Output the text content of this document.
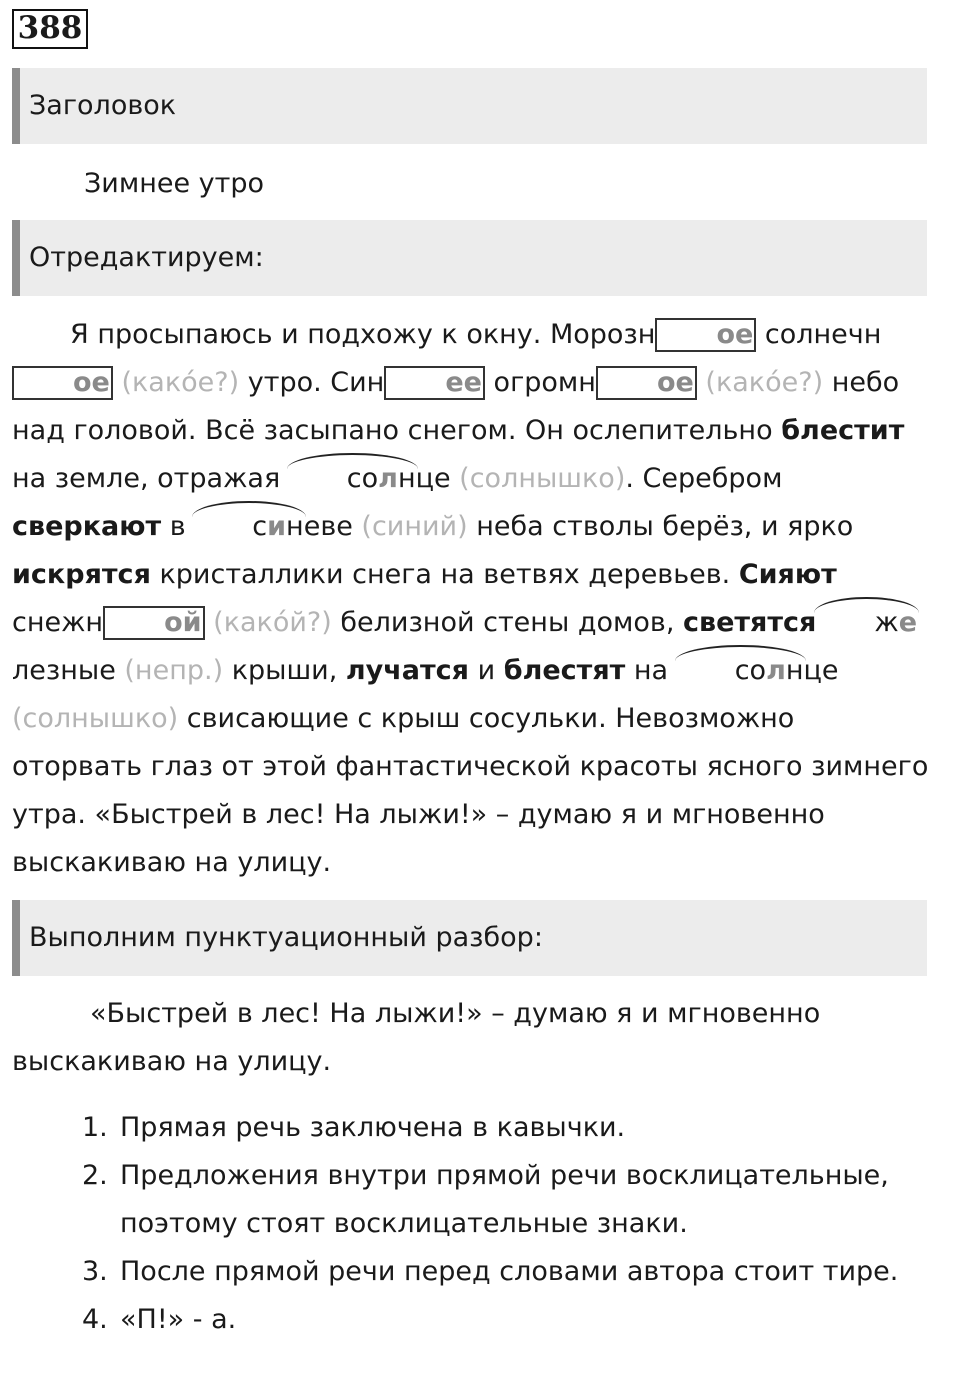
388
Заголовок
Зимнее утро
Отредактируем:

Я просыпаюсь и подхожу к окну. Морозн ое солнечное (како́е?) утро. Син ее огромн ое (како́е?) небо над головой. Всё засыпано снегом. Он ослепительно блестит на земле, отражая солнце (солнышко). Серебром сверкают в синеве (синий) неба стволы берёз, и ярко искрятся кристаллики снега на ветвях деревьев. Сияют снежн ой (како́й?) белизной стены домов, светятсяжелезные (непр.) крыши, лучатся и блестят на солнце (солнышко) свисающие с крыш сосульки. Невозможно оторвать глаз от этой фантастической красоты ясного зимнего утра. «Быстрей в лес! На лыжи!» – думаю я и мгновенно выскакиваю на улицу.

Выполним пунктуационный разбор:

«Быстрей в лес! На лыжи!» – думаю я и мгновенно выскакиваю на улицу.

1. Прямая речь заключена в кавычки.
2. Предложения внутри прямой речи восклицательные, поэтому стоят восклицательные знаки.
3. После прямой речи перед словами автора стоит тире.
4. «П!» - а.
